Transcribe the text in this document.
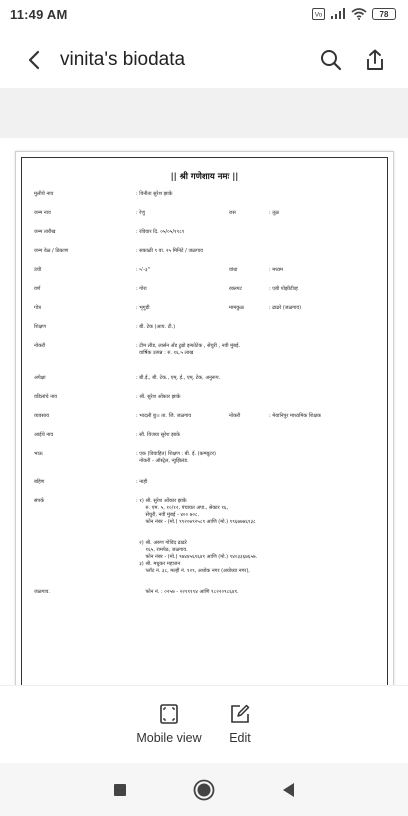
11:49 AM	Vo	78
vinita's biodata
|| श्री गणेशाय नमः ||
मुलीचे नाव	: विनीता सुरेश झाके
जन्म नाव	: रेणु	रास	: तूळ
जन्म तारीख	: रविवार दि. ०५/०५/१९८९
जन्म वेळ / ठिकाण	: सकाळी ९ वा. २५ मिनिटे / जळगाव
उंची	: ५'-३''	वांधा	: मध्यम
वर्ण	: गोरा	रक्तगट	: एबी पोझीटीव्ह
गोत्र	: भृगुडी	मामकुळ	: ढाढरे (जळगाव)
शिक्षण	: बी. टेक (आय. टी.)
नोकरी	: टीम लीड, लार्सन अँड टुब्रो इन्फोटेक , सेंचुरी , नवी मुंबई.
वार्षिक उत्पन्न : रु. १६.५ लाख
अपेक्षा	: बी.ई., बी. टेक., एम्. ई., एम्. टेक, अनुरूप.
वडिलांचे नाव	: श्री. सुरेश ओंकार झाके
व्यवसाय	: भादली बु।। ता. जि. जळगाव	नोकरी	: मेयानिपुर माध्यमिक शिक्षक
आईचे नाव	: सौ. विजया सुरेश झाके
भाऊ	: एक (विवाहित) शिक्षण : बी. ई. (कम्प्युटर)
नोकरी - ऑस्ट्रेल, न्युझिलंड.
बहिण	: नाही
संपर्क	: १) श्री. सुरेश ओंकार झाके
रु. एम. ५, १०/१२, पंचायत अपा., सेक्टर १६,
सेंचुरी, नवी मुंबई - ४०० ७०८.
फोन नंबर - (मो.) ९९२०७९२५८९ आणि (मो.) ९९६७७७६९३८
२) श्री. अरुण गोविंद ढाढरे
१६५, रामपेठ, जळगाव.
फोन नंबर - (मो.) ९७४४५६९६४१ आणि (मो.) ९४०३३६७६५७.
३) श्री. मधुकर महाजन
प्लॉट नं. ३८, मल्ही नं. १२९, अशोक नगर (अयोध्या नगर),
जळगाव.	फोन नं. : ०२५७ - २२११११४ आणि ९८२२०९८६४१.
Mobile view Edit
